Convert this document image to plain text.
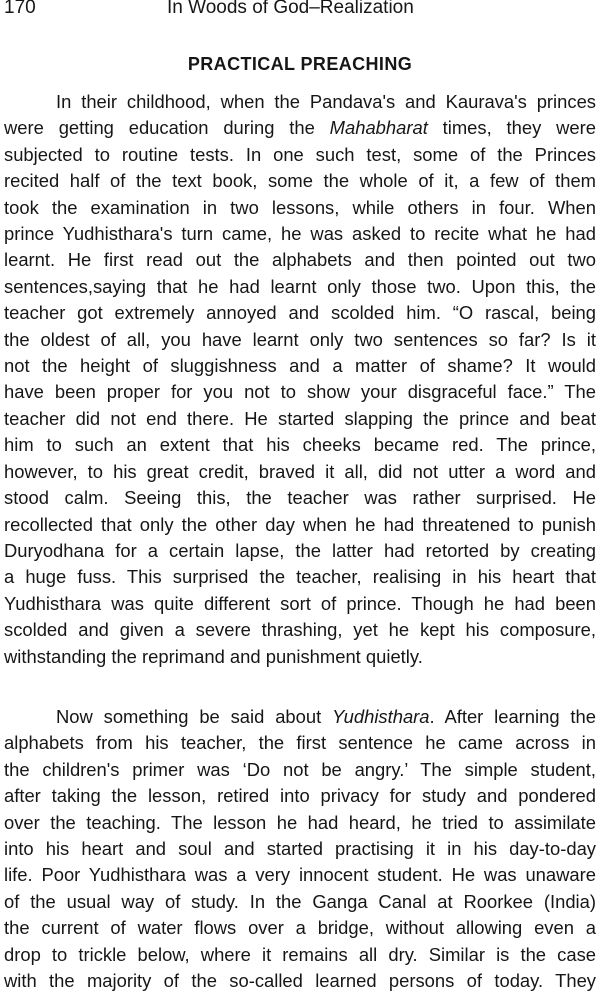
170	In Woods of God–Realization
PRACTICAL PREACHING
In their childhood, when the Pandava's and Kaurava's princes
were getting education during the Mahabharat times, they were
subjected to routine tests. In one such test, some of the Princes
recited half of the text book, some the whole of it, a few of them
took the examination in two lessons, while others in four. When
prince Yudhisthara's turn came, he was asked to recite what he had
learnt. He first read out the alphabets and then pointed out two
sentences,saying that he had learnt only those two. Upon this, the
teacher got extremely annoyed and scolded him. “O rascal, being
the oldest of all, you have learnt only two sentences so far? Is it
not the height of sluggishness and a matter of shame? It would
have been proper for you not to show your disgraceful face.” The
teacher did not end there. He started slapping the prince and beat
him to such an extent that his cheeks became red. The prince,
however, to his great credit, braved it all, did not utter a word and
stood calm. Seeing this, the teacher was rather surprised. He
recollected that only the other day when he had threatened to punish
Duryodhana for a certain lapse, the latter had retorted by creating
a huge fuss. This surprised the teacher, realising in his heart that
Yudhisthara was quite different sort of prince. Though he had been
scolded and given a severe thrashing, yet he kept his composure,
withstanding the reprimand and punishment quietly.
Now something be said about Yudhisthara. After learning the
alphabets from his teacher, the first sentence he came across in
the children's primer was ‘Do not be angry.’ The simple student,
after taking the lesson, retired into privacy for study and pondered
over the teaching. The lesson he had heard, he tried to assimilate
into his heart and soul and started practising it in his day-to-day
life. Poor Yudhisthara was a very innocent student. He was unaware
of the usual way of study. In the Ganga Canal at Roorkee (India)
the current of water flows over a bridge, without allowing even a
drop to trickle below, where it remains all dry. Similar is the case
with the majority of the so-called learned persons of today. They
